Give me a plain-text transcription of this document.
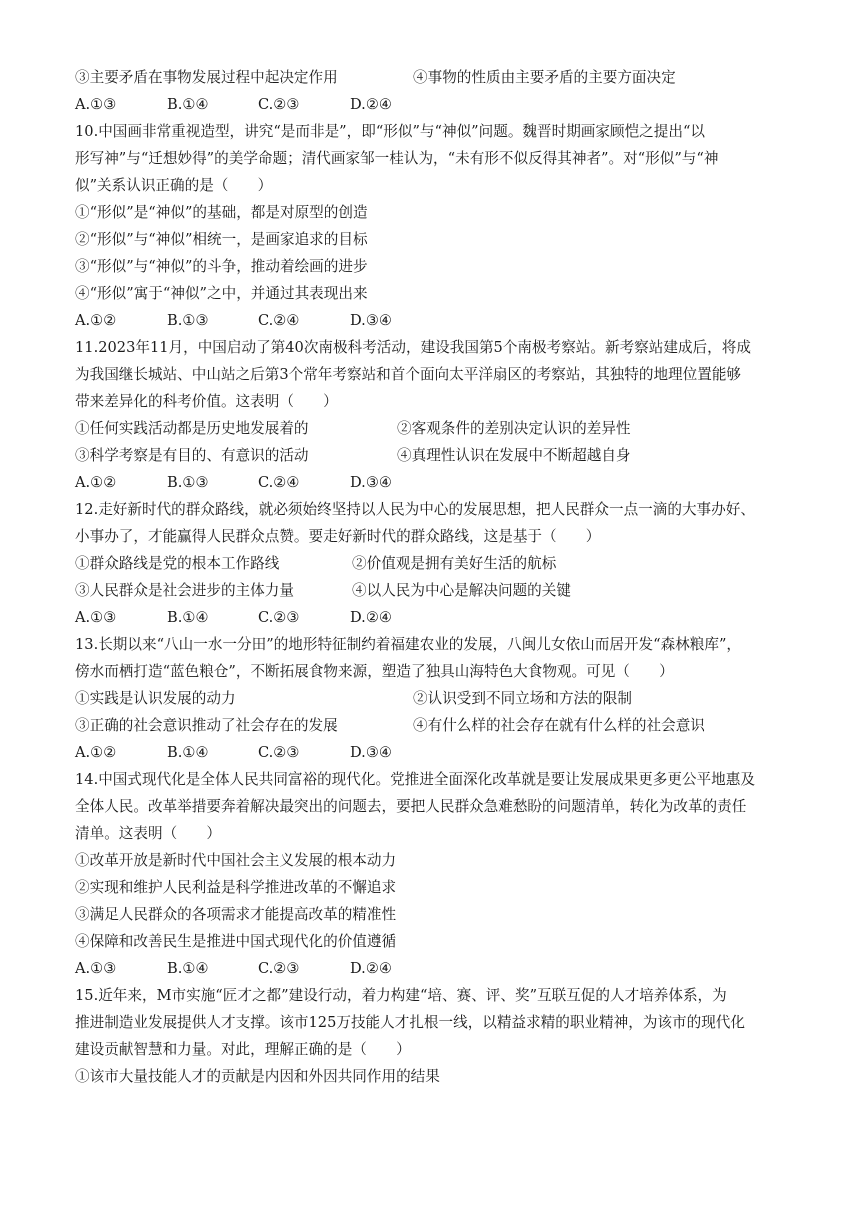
③主要矛盾在事物发展过程中起决定作用	④事物的性质由主要矛盾的主要方面决定
A.①③	B.①④	C.②③	D.②④
10.中国画非常重视造型，讲究“是而非是”，即“形似”与“神似”问题。魏晋时期画家顾恺之提出“以
形写神”与“迁想妙得”的美学命题；清代画家邹一桂认为，“未有形不似反得其神者”。对“形似”与“神
似”关系认识正确的是（　　）
①“形似”是“神似”的基础，都是对原型的创造
②“形似”与“神似”相统一，是画家追求的目标
③“形似”与“神似”的斗争，推动着绘画的进步
④“形似”寓于“神似”之中，并通过其表现出来
A.①②	B.①③	C.②④	D.③④
11.2023年11月，中国启动了第40次南极科考活动，建设我国第5个南极考察站。新考察站建成后，将成
为我国继长城站、中山站之后第3个常年考察站和首个面向太平洋扇区的考察站，其独特的地理位置能够
带来差异化的科考价值。这表明（　　）
①任何实践活动都是历史地发展着的	②客观条件的差别决定认识的差异性
③科学考察是有目的、有意识的活动	④真理性认识在发展中不断超越自身
A.①②	B.①③	C.②④	D.③④
12.走好新时代的群众路线，就必须始终坚持以人民为中心的发展思想，把人民群众一点一滴的大事办好、
小事办了，才能赢得人民群众点赞。要走好新时代的群众路线，这是基于（　　）
①群众路线是党的根本工作路线	②价值观是拥有美好生活的航标
③人民群众是社会进步的主体力量	④以人民为中心是解决问题的关键
A.①③	B.①④	C.②③	D.②④
13.长期以来“八山一水一分田”的地形特征制约着福建农业的发展，八闽儿女依山而居开发“森林粮库”，
傍水而栖打造“蓝色粮仓”，不断拓展食物来源，塑造了独具山海特色大食物观。可见（　　）
①实践是认识发展的动力	②认识受到不同立场和方法的限制
③正确的社会意识推动了社会存在的发展	④有什么样的社会存在就有什么样的社会意识
A.①②	B.①④	C.②③	D.③④
14.中国式现代化是全体人民共同富裕的现代化。党推进全面深化改革就是要让发展成果更多更公平地惠及
全体人民。改革举措要奔着解决最突出的问题去，要把人民群众急难愁盼的问题清单，转化为改革的责任
清单。这表明（　　）
①改革开放是新时代中国社会主义发展的根本动力
②实现和维护人民利益是科学推进改革的不懈追求
③满足人民群众的各项需求才能提高改革的精准性
④保障和改善民生是推进中国式现代化的价值遵循
A.①③	B.①④	C.②③	D.②④
15.近年来，M市实施“匠才之都”建设行动，着力构建“培、赛、评、奖”互联互促的人才培养体系，为
推进制造业发展提供人才支撑。该市125万技能人才扎根一线，以精益求精的职业精神，为该市的现代化
建设贡献智慧和力量。对此，理解正确的是（　　）
①该市大量技能人才的贡献是内因和外因共同作用的结果
